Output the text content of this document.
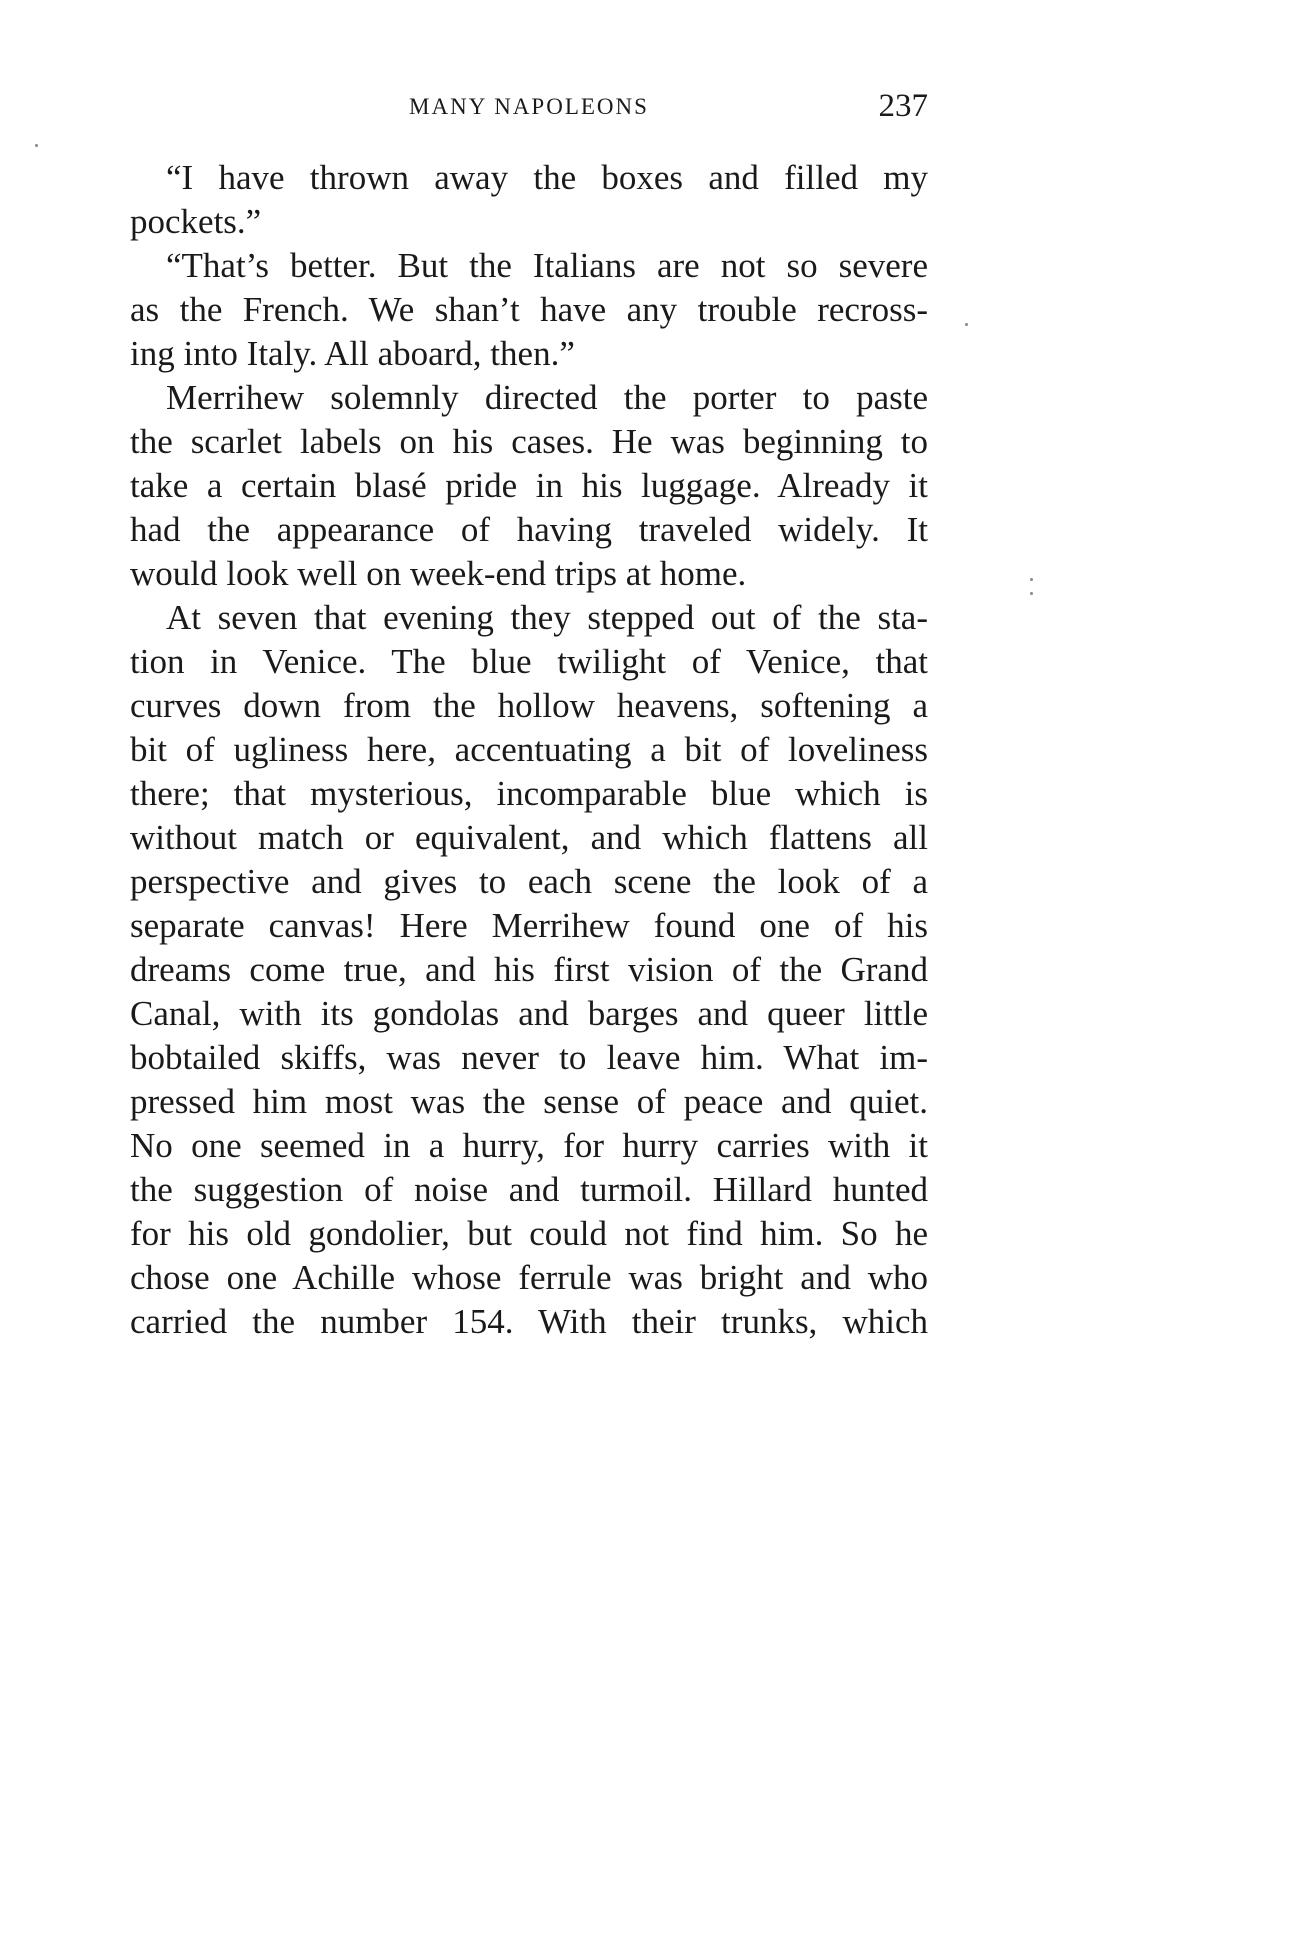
MANY NAPOLEONS	237
“I have thrown away the boxes and filled my
pockets.”
“That’s better. But the Italians are not so severe
as the French. We shan’t have any trouble recross-
ing into Italy. All aboard, then.”
Merrihew solemnly directed the porter to paste
the scarlet labels on his cases. He was beginning to
take a certain blasé pride in his luggage. Already it
had the appearance of having traveled widely. It
would look well on week-end trips at home.
At seven that evening they stepped out of the sta-
tion in Venice. The blue twilight of Venice, that
curves down from the hollow heavens, softening a
bit of ugliness here, accentuating a bit of loveliness
there; that mysterious, incomparable blue which is
without match or equivalent, and which flattens all
perspective and gives to each scene the look of a
separate canvas! Here Merrihew found one of his
dreams come true, and his first vision of the Grand
Canal, with its gondolas and barges and queer little
bobtailed skiffs, was never to leave him. What im-
pressed him most was the sense of peace and quiet.
No one seemed in a hurry, for hurry carries with it
the suggestion of noise and turmoil. Hillard hunted
for his old gondolier, but could not find him. So he
chose one Achille whose ferrule was bright and who
carried the number 154. With their trunks, which
